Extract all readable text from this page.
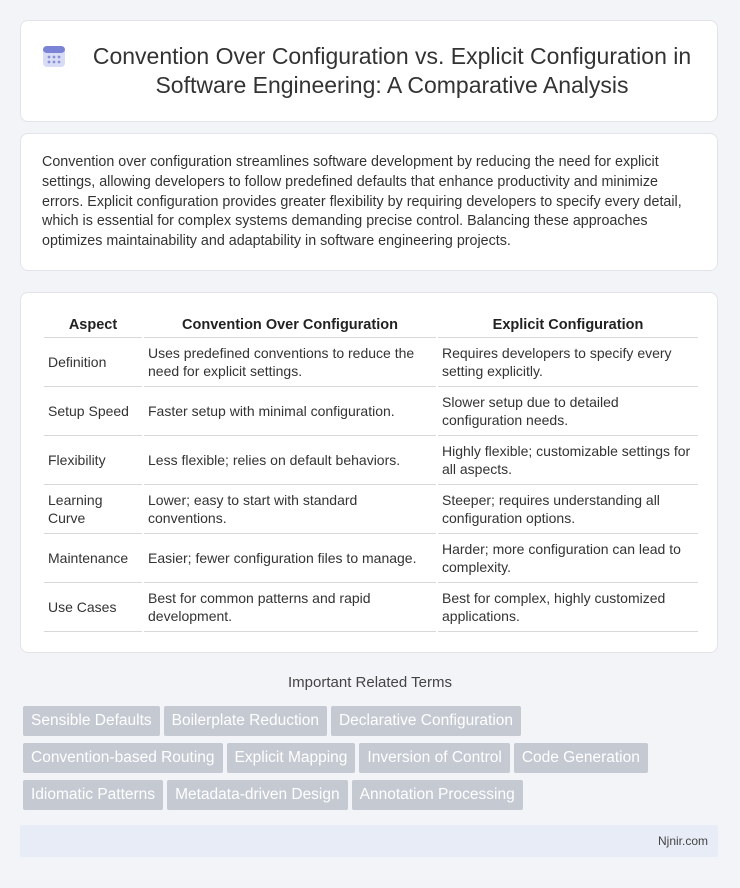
Convention Over Configuration vs. Explicit Configuration in Software Engineering: A Comparative Analysis

Convention over configuration streamlines software development by reducing the need for explicit settings, allowing developers to follow predefined defaults that enhance productivity and minimize errors. Explicit configuration provides greater flexibility by requiring developers to specify every detail, which is essential for complex systems demanding precise control. Balancing these approaches optimizes maintainability and adaptability in software engineering projects.

Aspect	Convention Over Configuration	Explicit Configuration
Definition	Uses predefined conventions to reduce the need for explicit settings.	Requires developers to specify every setting explicitly.
Setup Speed	Faster setup with minimal configuration.	Slower setup due to detailed configuration needs.
Flexibility	Less flexible; relies on default behaviors.	Highly flexible; customizable settings for all aspects.
Learning Curve	Lower; easy to start with standard conventions.	Steeper; requires understanding all configuration options.
Maintenance	Easier; fewer configuration files to manage.	Harder; more configuration can lead to complexity.
Use Cases	Best for common patterns and rapid development.	Best for complex, highly customized applications.
Important Related Terms
Sensible Defaults Boilerplate Reduction Declarative Configuration
Convention-based Routing Explicit Mapping Inversion of Control Code Generation
Idiomatic Patterns Metadata-driven Design Annotation Processing
Njnir.com
